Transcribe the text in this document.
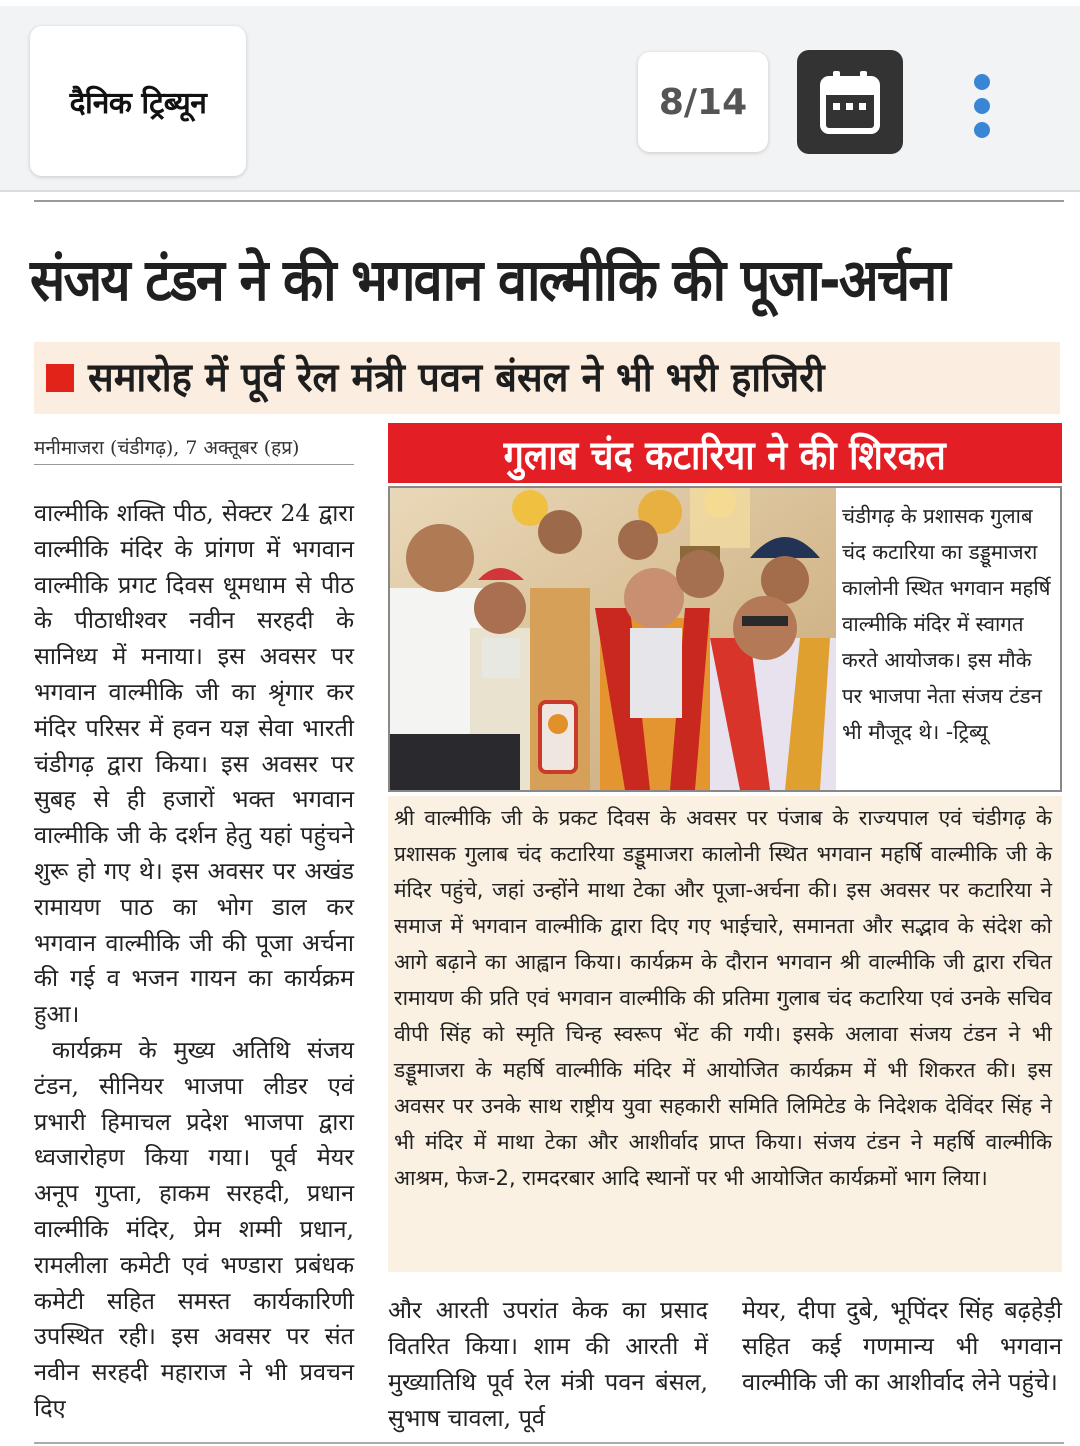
दैनिक ट्रिब्यून	8/14
संजय टंडन ने की भगवान वाल्मीकि की पूजा-अर्चना
समारोह में पूर्व रेल मंत्री पवन बंसल ने भी भरी हाजिरी
मनीमाजरा (चंडीगढ़), 7 अक्तूबर (हप्र)

वाल्मीकि शक्ति पीठ, सेक्टर 24 द्वारा वाल्मीकि मंदिर के प्रांगण में भगवान वाल्मीकि प्रगट दिवस धूमधाम से पीठ के पीठाधीश्वर नवीन सरहदी के सानिध्य में मनाया। इस अवसर पर भगवान वाल्मीकि जी का श्रृंगार कर मंदिर परिसर में हवन यज्ञ सेवा भारती चंडीगढ़ द्वारा किया। इस अवसर पर सुबह से ही हजारों भक्त भगवान वाल्मीकि जी के दर्शन हेतु यहां पहुंचने शुरू हो गए थे। इस अवसर पर अखंड रामायण पाठ का भोग डाल कर भगवान वाल्मीकि जी की पूजा अर्चना की गई व भजन गायन का कार्यक्रम हुआ।

कार्यक्रम के मुख्य अतिथि संजय टंडन, सीनियर भाजपा लीडर एवं प्रभारी हिमाचल प्रदेश भाजपा द्वारा ध्वजारोहण किया गया। पूर्व मेयर अनूप गुप्ता, हाकम सरहदी, प्रधान वाल्मीकि मंदिर, प्रेम शम्मी प्रधान, रामलीला कमेटी एवं भण्डारा प्रबंधक कमेटी सहित समस्त कार्यकारिणी उपस्थित रही। इस अवसर पर संत नवीन सरहदी महाराज ने भी प्रवचन दिए

गुलाब चंद कटारिया ने की शिरकत
चंडीगढ़ के प्रशासक गुलाब चंद कटारिया का डड्डूमाजरा कालोनी स्थित भगवान महर्षि वाल्मीकि मंदिर में स्वागत करते आयोजक। इस मौके पर भाजपा नेता संजय टंडन भी मौजूद थे। -ट्रिब्यू

श्री वाल्मीकि जी के प्रकट दिवस के अवसर पर पंजाब के राज्यपाल एवं चंडीगढ़ के प्रशासक गुलाब चंद कटारिया डड्डूमाजरा कालोनी स्थित भगवान महर्षि वाल्मीकि जी के मंदिर पहुंचे, जहां उन्होंने माथा टेका और पूजा-अर्चना की। इस अवसर पर कटारिया ने समाज में भगवान वाल्मीकि द्वारा दिए गए भाईचारे, समानता और सद्भाव के संदेश को आगे बढ़ाने का आह्वान किया। कार्यक्रम के दौरान भगवान श्री वाल्मीकि जी द्वारा रचित रामायण की प्रति एवं भगवान वाल्मीकि की प्रतिमा गुलाब चंद कटारिया एवं उनके सचिव वीपी सिंह को स्मृति चिन्ह स्वरूप भेंट की गयी। इसके अलावा संजय टंडन ने भी डड्डूमाजरा के महर्षि वाल्मीकि मंदिर में आयोजित कार्यक्रम में भी शिकरत की। इस अवसर पर उनके साथ राष्ट्रीय युवा सहकारी समिति लिमिटेड के निदेशक देविंदर सिंह ने भी मंदिर में माथा टेका और आशीर्वाद प्राप्त किया। संजय टंडन ने महर्षि वाल्मीकि आश्रम, फेज-2, रामदरबार आदि स्थानों पर भी आयोजित कार्यक्रमों भाग लिया।

और आरती उपरांत केक का प्रसाद वितरित किया। शाम की आरती में मुख्यातिथि पूर्व रेल मंत्री पवन बंसल, सुभाष चावला, पूर्व
मेयर, दीपा दुबे, भूपिंदर सिंह बढ़हेड़ी सहित कई गणमान्य भी भगवान वाल्मीकि जी का आशीर्वाद लेने पहुंचे।
